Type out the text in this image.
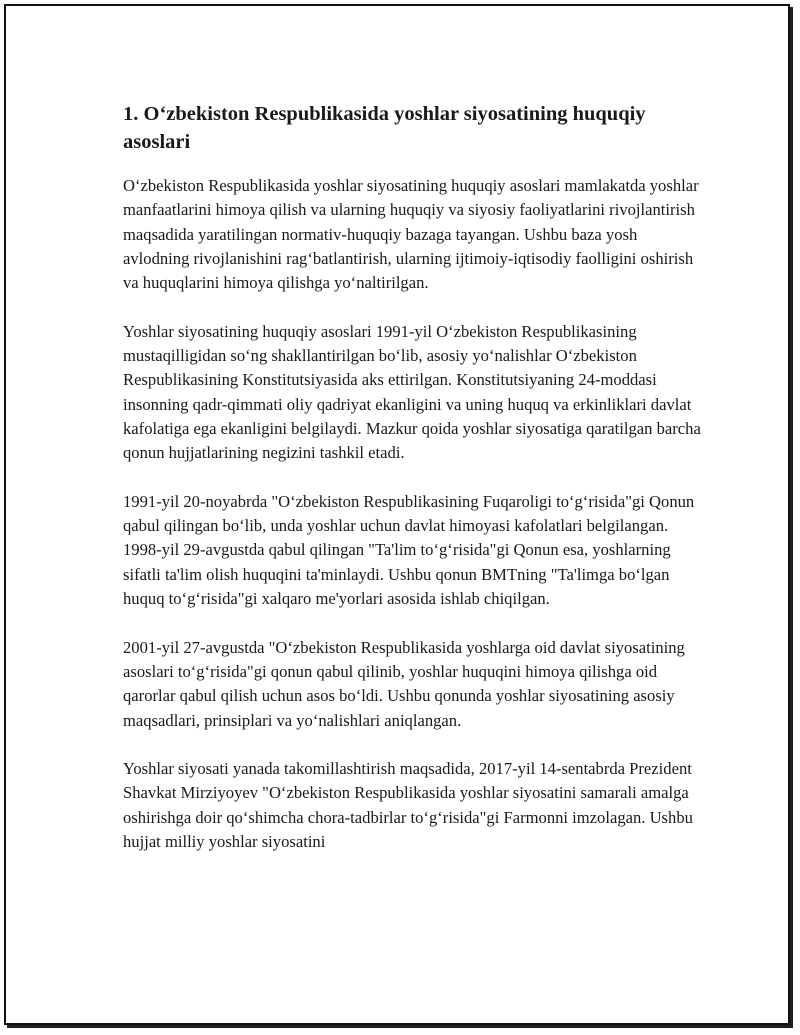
1. O‘zbekiston Respublikasida yoshlar siyosatining huquqiy asoslari

O‘zbekiston Respublikasida yoshlar siyosatining huquqiy asoslari mamlakatda yoshlar manfaatlarini himoya qilish va ularning huquqiy va siyosiy faoliyatlarini rivojlantirish maqsadida yaratilingan normativ-huquqiy bazaga tayangan. Ushbu baza yosh avlodning rivojlanishini rag‘batlantirish, ularning ijtimoiy-iqtisodiy faolligini oshirish va huquqlarini himoya qilishga yo‘naltirilgan.

Yoshlar siyosatining huquqiy asoslari 1991-yil O‘zbekiston Respublikasining mustaqilligidan so‘ng shakllantirilgan bo‘lib, asosiy yo‘nalishlar O‘zbekiston Respublikasining Konstitutsiyasida aks ettirilgan. Konstitutsiyaning 24-moddasi insonning qadr-qimmati oliy qadriyat ekanligini va uning huquq va erkinliklari davlat kafolatiga ega ekanligini belgilaydi. Mazkur qoida yoshlar siyosatiga qaratilgan barcha qonun hujjatlarining negizini tashkil etadi.

1991-yil 20-noyabrda "O‘zbekiston Respublikasining Fuqaroligi to‘g‘risida"gi Qonun qabul qilingan bo‘lib, unda yoshlar uchun davlat himoyasi kafolatlari belgilangan. 1998-yil 29-avgustda qabul qilingan "Ta'lim to‘g‘risida"gi Qonun esa, yoshlarning sifatli ta'lim olish huquqini ta'minlaydi. Ushbu qonun BMTning "Ta'limga bo‘lgan huquq to‘g‘risida"gi xalqaro me'yorlari asosida ishlab chiqilgan.

2001-yil 27-avgustda "O‘zbekiston Respublikasida yoshlarga oid davlat siyosatining asoslari to‘g‘risida"gi qonun qabul qilinib, yoshlar huquqini himoya qilishga oid qarorlar qabul qilish uchun asos bo‘ldi. Ushbu qonunda yoshlar siyosatining asosiy maqsadlari, prinsiplari va yo‘nalishlari aniqlangan.

Yoshlar siyosati yanada takomillashtirish maqsadida, 2017-yil 14-sentabrda Prezident Shavkat Mirziyoyev "O‘zbekiston Respublikasida yoshlar siyosatini samarali amalga oshirishga doir qo‘shimcha chora-tadbirlar to‘g‘risida"gi Farmonni imzolagan. Ushbu hujjat milliy yoshlar siyosatini
